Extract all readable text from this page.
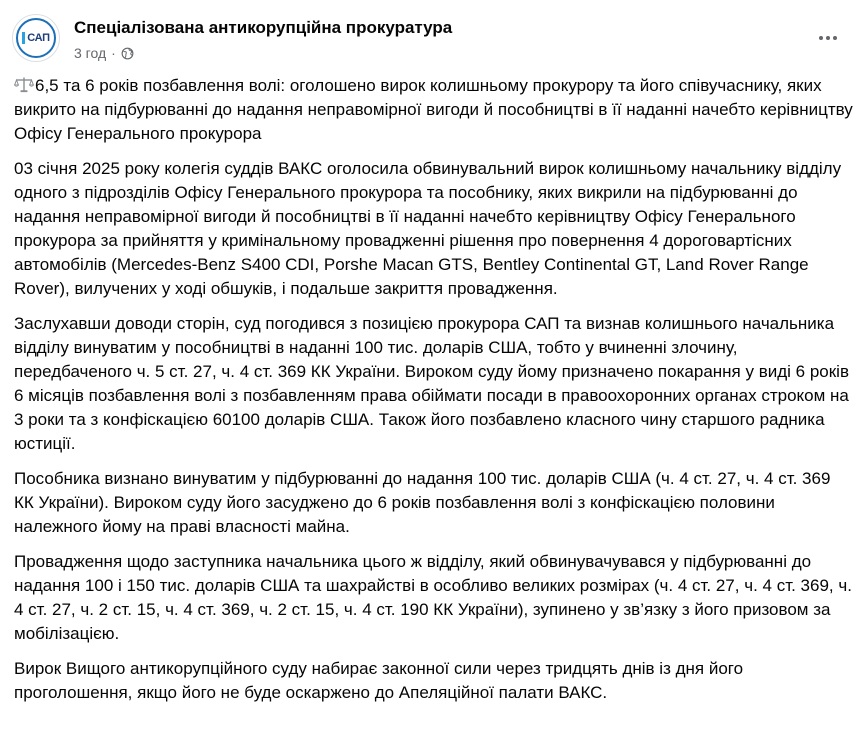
САП
Спеціалізована антикорупційна прокуратура
3 год ·

6,5 та 6 років позбавлення волі: оголошено вирок колишньому прокурору та його співучаснику, яких викрито на підбурюванні до надання неправомірної вигоди й пособництві в її наданні начебто керівництву Офісу Генерального прокурора

03 січня 2025 року колегія суддів ВАКС оголосила обвинувальний вирок колишньому начальнику відділу одного з підрозділів Офісу Генерального прокурора та пособнику, яких викрили на підбурюванні до надання неправомірної вигоди й пособництві в її наданні начебто керівництву Офісу Генерального прокурора за прийняття у кримінальному провадженні рішення про повернення 4 дороговартісних автомобілів (Mercedes-Benz S400 CDI, Porshe Macan GTS, Bentley Continental GT, Land Rover Range Rover), вилучених у ході обшуків, і подальше закриття провадження.

Заслухавши доводи сторін, суд погодився з позицією прокурора САП та визнав колишнього начальника відділу винуватим у пособництві в наданні 100 тис. доларів США, тобто у вчиненні злочину, передбаченого ч. 5 ст. 27, ч. 4 ст. 369 КК України. Вироком суду йому призначено покарання у виді 6 років 6 місяців позбавлення волі з позбавленням права обіймати посади в правоохоронних органах строком на 3 роки та з конфіскацією 60100 доларів США. Також його позбавлено класного чину старшого радника юстиції.

Пособника визнано винуватим у підбурюванні до надання 100 тис. доларів США (ч. 4 ст. 27, ч. 4 ст. 369 КК України). Вироком суду його засуджено до 6 років позбавлення волі з конфіскацією половини належного йому на праві власності майна.

Провадження щодо заступника начальника цього ж відділу, який обвинувачувався у підбурюванні до надання 100 і 150 тис. доларів США та шахрайстві в особливо великих розмірах (ч. 4 ст. 27, ч. 4 ст. 369, ч. 4 ст. 27, ч. 2 ст. 15, ч. 4 ст. 369, ч. 2 ст. 15, ч. 4 ст. 190 КК України), зупинено у зв’язку з його призовом за мобілізацією.

Вирок Вищого антикорупційного суду набирає законної сили через тридцять днів із дня його проголошення, якщо його не буде оскаржено до Апеляційної палати ВАКС.
